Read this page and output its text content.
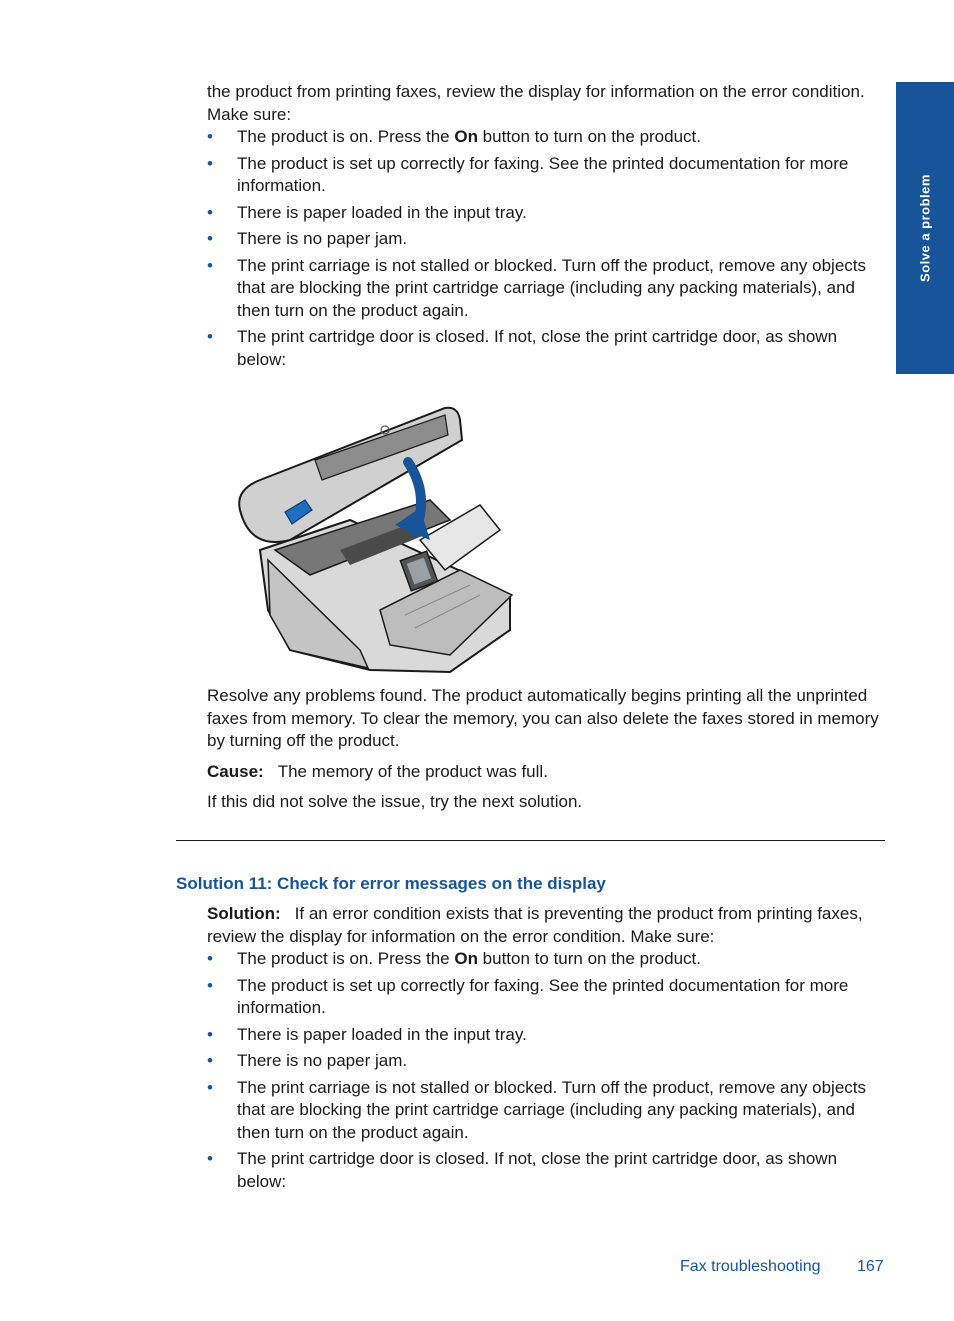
Solve a problem

the product from printing faxes, review the display for information on the error condition. Make sure:

• The product is on. Press the On button to turn on the product.
• The product is set up correctly for faxing. See the printed documentation for more information.
• There is paper loaded in the input tray.
• There is no paper jam.
• The print carriage is not stalled or blocked. Turn off the product, remove any objects that are blocking the print cartridge carriage (including any packing materials), and then turn on the product again.
• The print cartridge door is closed. If not, close the print cartridge door, as shown below:

Resolve any problems found. The product automatically begins printing all the unprinted faxes from memory. To clear the memory, you can also delete the faxes stored in memory by turning off the product.

Cause: The memory of the product was full.

If this did not solve the issue, try the next solution.

Solution 11: Check for error messages on the display

Solution: If an error condition exists that is preventing the product from printing faxes, review the display for information on the error condition. Make sure:

• The product is on. Press the On button to turn on the product.
• The product is set up correctly for faxing. See the printed documentation for more information.
• There is paper loaded in the input tray.
• There is no paper jam.
• The print carriage is not stalled or blocked. Turn off the product, remove any objects that are blocking the print cartridge carriage (including any packing materials), and then turn on the product again.
• The print cartridge door is closed. If not, close the print cartridge door, as shown below:
Fax troubleshooting 167
